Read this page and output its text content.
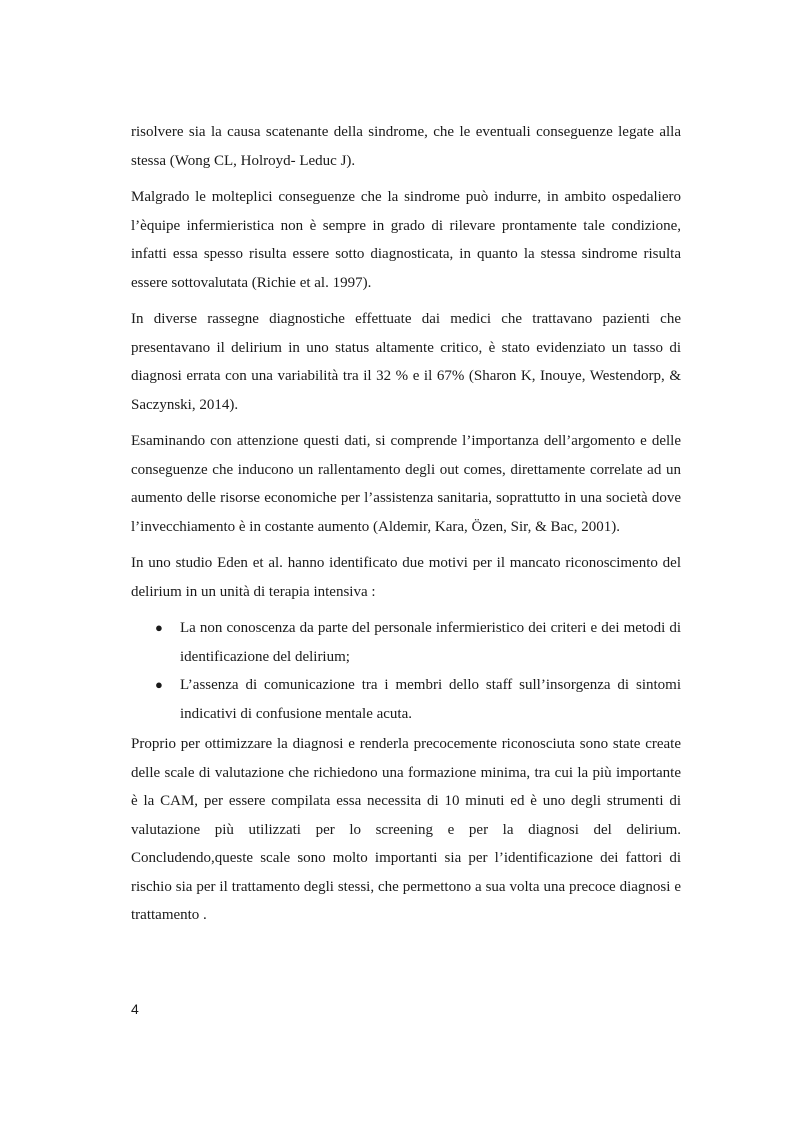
risolvere sia la causa scatenante della sindrome, che le eventuali conseguenze legate alla stessa (Wong CL, Holroyd- Leduc J).

Malgrado le molteplici conseguenze che la sindrome può indurre, in ambito ospedaliero l’èquipe infermieristica non è sempre in grado di rilevare prontamente tale condizione, infatti essa spesso risulta essere sotto diagnosticata, in quanto la stessa sindrome risulta essere sottovalutata (Richie et al. 1997).

In diverse rassegne diagnostiche effettuate dai medici che trattavano pazienti che presentavano il delirium in uno status altamente critico, è stato evidenziato un tasso di diagnosi errata con una variabilità tra il 32 % e il 67% (Sharon K, Inouye, Westendorp, & Saczynski, 2014).

Esaminando con attenzione questi dati, si comprende l’importanza dell’argomento e delle conseguenze che inducono un rallentamento degli out comes, direttamente correlate ad un aumento delle risorse economiche per l’assistenza sanitaria, soprattutto in una società dove l’invecchiamento è in costante aumento (Aldemir, Kara, Özen, Sir, & Bac, 2001).

In uno studio Eden et al. hanno identificato due motivi per il mancato riconoscimento del delirium in un unità di terapia intensiva :

● La non conoscenza da parte del personale infermieristico dei criteri e dei metodi di identificazione del delirium;
● L’assenza di comunicazione tra i membri dello staff sull’insorgenza di sintomi indicativi di confusione mentale acuta.

Proprio per ottimizzare la diagnosi e renderla precocemente riconosciuta sono state create delle scale di valutazione che richiedono una formazione minima, tra cui la più importante è la CAM, per essere compilata essa necessita di 10 minuti ed è uno degli strumenti di valutazione più utilizzati per lo screening e per la diagnosi del delirium. Concludendo,queste scale sono molto importanti sia per l’identificazione dei fattori di rischio sia per il trattamento degli stessi, che permettono a sua volta una precoce diagnosi e trattamento .

4
